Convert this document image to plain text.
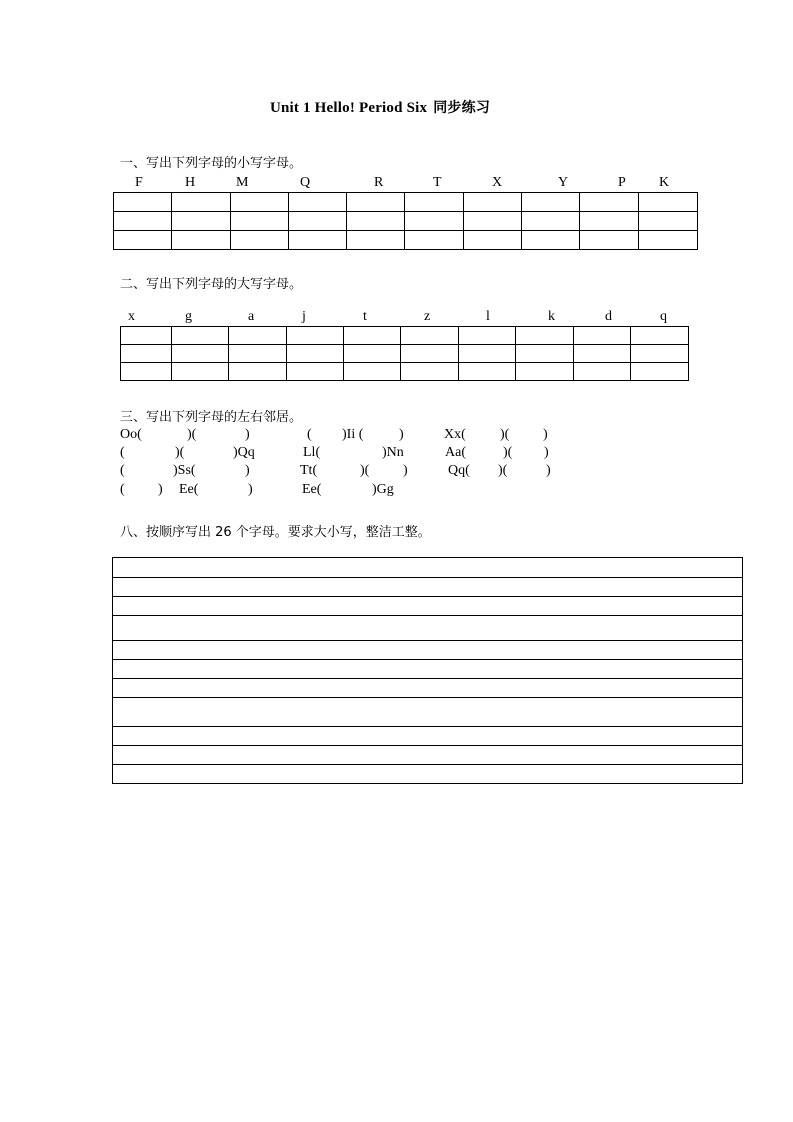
Unit 1 Hello! Period Six 同步练习
一、写出下列字母的小写字母。
F	H	M	Q	R	T	X	Y	P K

二、写出下列字母的大写字母。
x	g	a	j	t	z	l	k	d	q

三、写出下列字母的左右邻居。
Oo(	)(	)	( )Ii (	)	Xx( )( )
(	)(	)Qq	Ll(	)Nn	Aa(	)( )
(	)Ss(	)	Tt(	)( )	Qq( )(	)
( ) Ee(	)	Ee(	)Gg
八、按顺序写出 26 个字母。要求大小写，整洁工整。
